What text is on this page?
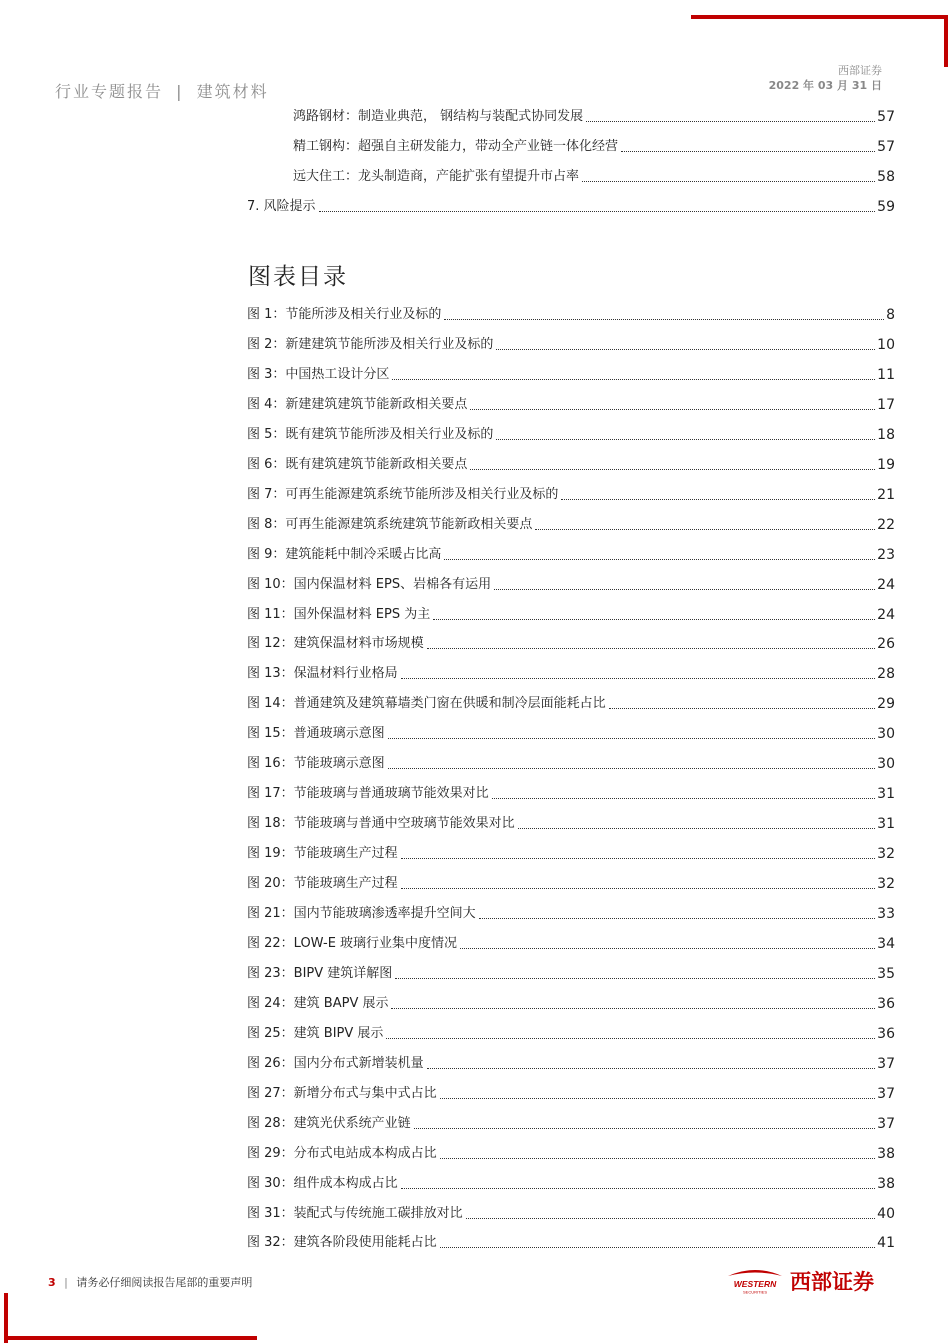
行业专题报告 | 建筑材料
西部证券
2022 年 03 月 31 日
鸿路钢材：制造业典范， 钢结构与装配式协同发展	57
精工钢构：超强自主研发能力，带动全产业链一体化经营	57
远大住工：龙头制造商，产能扩张有望提升市占率	58
7. 风险提示	59
图表目录
图 1：节能所涉及相关行业及标的	8
图 2：新建建筑节能所涉及相关行业及标的	10
图 3：中国热工设计分区	11
图 4：新建建筑建筑节能新政相关要点	17
图 5：既有建筑节能所涉及相关行业及标的	18
图 6：既有建筑建筑节能新政相关要点	19
图 7：可再生能源建筑系统节能所涉及相关行业及标的	21
图 8：可再生能源建筑系统建筑节能新政相关要点	22
图 9：建筑能耗中制冷采暖占比高	23
图 10：国内保温材料 EPS、岩棉各有运用	24
图 11：国外保温材料 EPS 为主	24
图 12：建筑保温材料市场规模	26
图 13：保温材料行业格局	28
图 14：普通建筑及建筑幕墙类门窗在供暖和制冷层面能耗占比	29
图 15：普通玻璃示意图	30
图 16：节能玻璃示意图	30
图 17：节能玻璃与普通玻璃节能效果对比	31
图 18：节能玻璃与普通中空玻璃节能效果对比	31
图 19：节能玻璃生产过程	32
图 20：节能玻璃生产过程	32
图 21：国内节能玻璃渗透率提升空间大	33
图 22：LOW-E 玻璃行业集中度情况	34
图 23：BIPV 建筑详解图	35
图 24：建筑 BAPV 展示	36
图 25：建筑 BIPV 展示	36
图 26：国内分布式新增装机量	37
图 27：新增分布式与集中式占比	37
图 28：建筑光伏系统产业链	37
图 29：分布式电站成本构成占比	38
图 30：组件成本构成占比	38
图 31：装配式与传统施工碳排放对比	40
图 32：建筑各阶段使用能耗占比	41
3 | 请务必仔细阅读报告尾部的重要声明	WESTERN
SECURITIES 西部证券
